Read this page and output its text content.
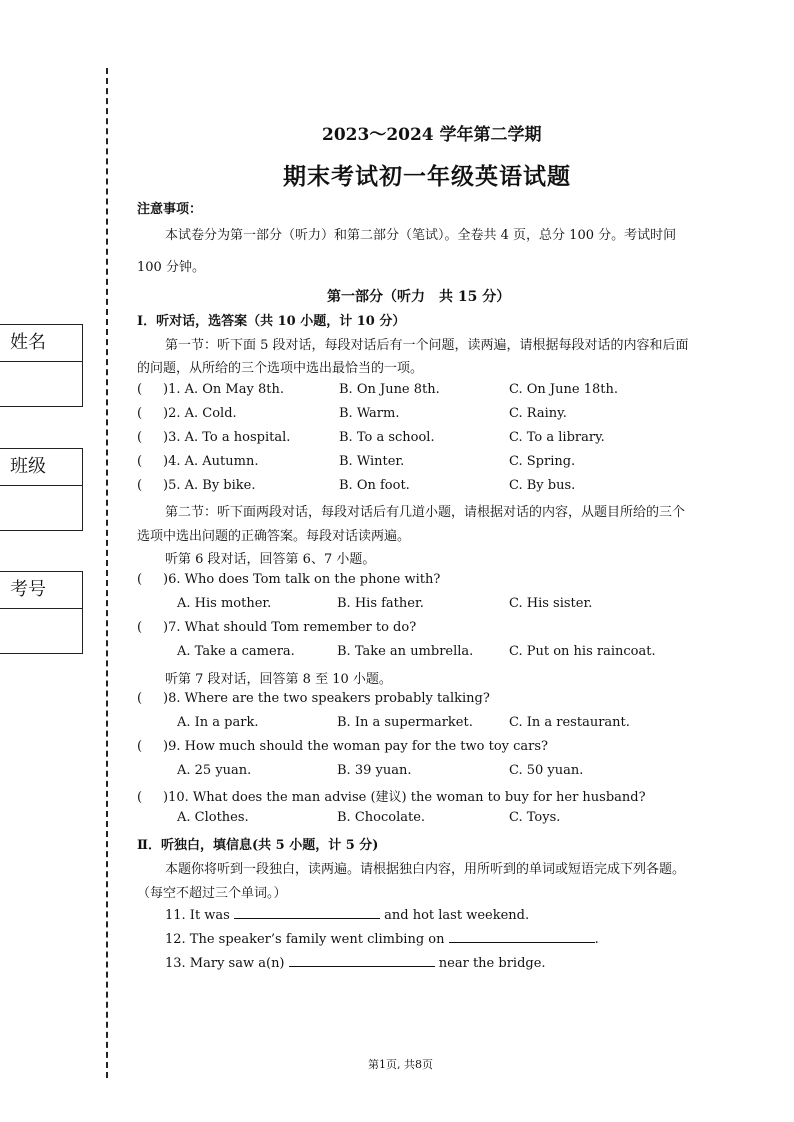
姓名
班级
考号
2023～2024 学年第二学期
期末考试初一年级英语试题
注意事项：
本试卷分为第一部分（听力）和第二部分（笔试）。全卷共 4 页，总分 100 分。考试时间
100 分钟。
第一部分（听力　共 15 分）
Ⅰ．听对话，选答案（共 10 小题，计 10 分）
第一节：听下面 5 段对话，每段对话后有一个问题，读两遍，请根据每段对话的内容和后面
的问题，从所给的三个选项中选出最恰当的一项。
( )1. A. On May 8th.	B. On June 8th.	C. On June 18th.
( )2. A. Cold.	B. Warm.	C. Rainy.
( )3. A. To a hospital.	B. To a school.	C. To a library.
( )4. A. Autumn.	B. Winter.	C. Spring.
( )5. A. By bike.	B. On foot.	C. By bus.
第二节：听下面两段对话，每段对话后有几道小题，请根据对话的内容，从题目所给的三个
选项中选出问题的正确答案。每段对话读两遍。
听第 6 段对话，回答第 6、7 小题。
( )6. Who does Tom talk on the phone with?
A. His mother.	B. His father.	C. His sister.
( )7. What should Tom remember to do?
A. Take a camera.	B. Take an umbrella.	C. Put on his raincoat.
听第 7 段对话，回答第 8 至 10 小题。
( )8. Where are the two speakers probably talking?
A. In a park.	B. In a supermarket.	C. In a restaurant.
( )9. How much should the woman pay for the two toy cars?
A. 25 yuan.	B. 39 yuan.	C. 50 yuan.
( )10. What does the man advise (建议) the woman to buy for her husband?
A. Clothes.	B. Chocolate.	C. Toys.
Ⅱ．听独白，填信息(共 5 小题，计 5 分)
本题你将听到一段独白，读两遍。请根据独白内容，用所听到的单词或短语完成下列各题。
（每空不超过三个单词。）
11. It was	and hot last weekend.
12. The speaker’s family went climbing on	.
13. Mary saw a(n)	near the bridge.
第1页, 共8页
